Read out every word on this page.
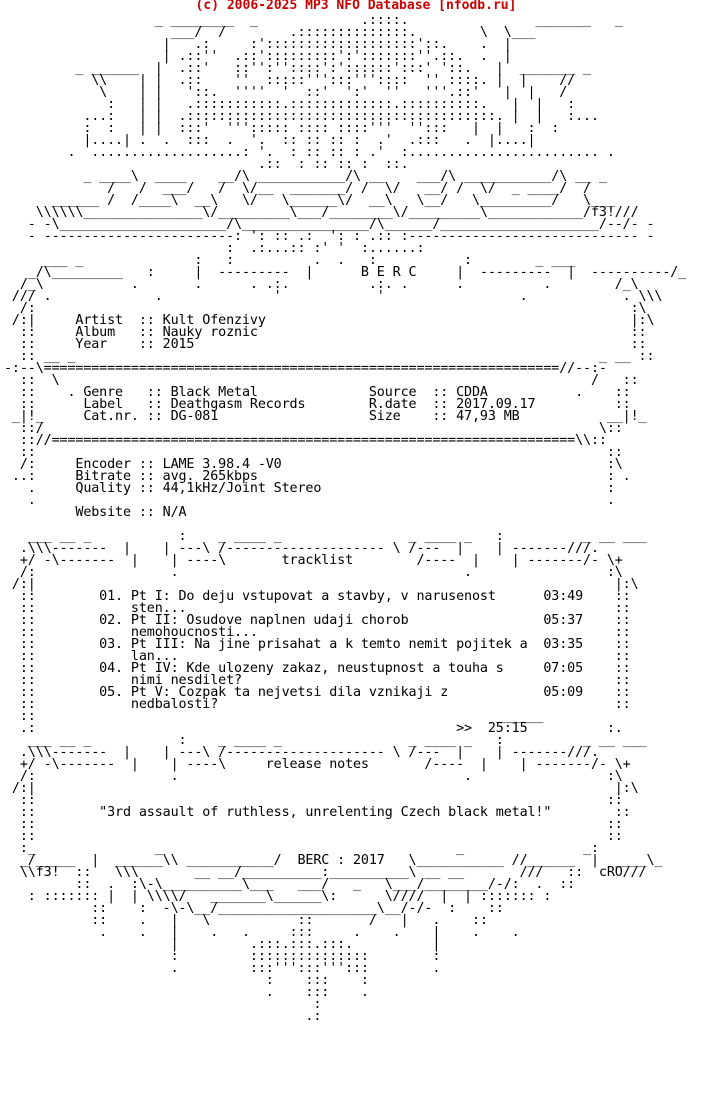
(c) 2006-2025 MP3 NFO Database [nfodb.ru]
_ ________  _             .::::.                _______   _
___/  /        .::::::::::::::.        \  \___
|   .:     :':::::::::::::::::::'::.    .  |
| .::''  .::':::::::::':':::::::''.::.  .  |
_ ______  |  .::'   ::'':''::::':'::::::':::' '::.   |  _______ _
\\    | |  .::    ''  :::::''':::'''::::  '' ::::. |  |    //
\    | |   '::.  ''''  '  ::'  ':'  ''   '''.::'   |  |   /
:   | |   .:::::::::::.:::::::::::::.::::::::::.   |  |   :
...:   | |  .:::::::::::::::::::::::::::::::::::::::. |  |   :...
:  :   | |  :::'  '''::::: :::: ::::'''  '':::   |  |   :  :
|....| .  .  :::  .  '.  :: :: :: :  .'  .:::   .  |....|
.  ...................: '.  : :: :: : .'  :........................ .
.::  : :: :: :  ::.
_ ____\  ____    __/\ ___________/\ __    ___/\ ___________/\ __ _
/   /  ___/   /  \/__  _______/ /  \/   __/ /  \/  _ ____/  /
______ /  /____\  __\   \/   \______\/  __\   \__/   \_________/   \___
\\\\\\_______________\/_________\___/________\/_________\____________/f3!///
- -\_____________________/\________________/\______/____________________/--/- -
- ------------------------: ': :: .:  ': : .:: :----------------------------- -
:  .:...:: :' '  :......:
___ _              :   :          .  .   :           :        _ ___
_/\_________   :     |  ---------  |      B E R C     |  ---------  |  ----------/_
/_\           .       .      . .:.          .:. .      .          .        /_\
/// .             .              '            '                 .            . \\\
/:                                                                           :\
/:|     Artist  :: Kult Ofenzivy                                              |:\
::     Album   :: Nauky roznic                                               ::
::     Year    :: 2015                                                       ::
:: __ _                                                                  _ __ ::
-:--\=================================================================//--:-
::  \                                                                   /   ::
::    . Genre   :: Black Metal              Source  :: CDDA           .    ::
::      Label   :: Deathgasm Records        R.date  :: 2017.09.17          ::
_|!_     Cat.nr. :: DG-081                   Size    :: 47,93 MB           __|!_
::/                                                                      \::
:://==================================================================\\::
::                                                                        ::
/:     Encoder :: LAME 3.98.4 -V0                                         :\
..:     Bitrate :: avg. 265kbps                                            : .
.     Quality :: 44,1kHz/Joint Stereo                                    :
.                                                                        .
Website :: N/A

___ __ _           :    _ ____ _                _ ____ _   :          _ __ ___
.\\\-------  |    | ---\ /-------------------- \ /---  |    | -------///.
+/ -\-------  |    | ----\       tracklist        /----  |    | -------/- \+
/:                 .                                    .                 :\
/:|                                                                         |:\
::        01. Pt I: Do deju vstupovat a stavby, v narusenost      03:49    ::
::            sten...                                                      ::
::        02. Pt II: Osudove naplnen udaji chorob                 05:37    ::
::            nemohoucnosti...                                             ::
::        03. Pt III: Na jine prisahat a k temto nemit pojitek a  03:35    ::
::            lan...                                                       ::
::        04. Pt IV: Kde ulozeny zakaz, neustupnost a touha s     07:05    ::
::            nimi nesdilet?                                               ::
::        05. Pt V: Cozpak ta nejvetsi dila vznikaji z            05:09    ::
::            nedbalosti?                                                  ::
::                                                          ______
.:                                                     >>  25:15          :.
___ __ _           :    _ ____ _                _ ____ _   :          _ __ ___
.\\\-------  |    | ---\ /-------------------- \ /---  |    | -------///.
+/ -\-------  |    | ----\     release notes       /----  |    | -------/- \+
/:                 .                                    .                 :\
/:|                                                                         |:\
::                                                                        ::
::        "3rd assault of ruthless, unrelenting Czech black metal!"        ::
::                                                                        ::
::                                                                        ::
:_               _                                     _               _:
_/_____  |  ______\\ ___________/  BERC : 2017   \___________ //______  |  ____\_
\\f3!  ::   \\\       __ __/__________:__________\ __ __       ///   ::  cRO///
::  .  :\-\__________\___   ___/   _   \___/________/-/:  .  ::
: ::::::: |  | \\\\/   _______\______\:      \////  |  | ::::::: :
::    :  -\-\__/____________________\__/-/-  :    ::
::    .   |   \           ::       /   |   .    ::
.    .   |    .   .     :::     .    .    |    .    .
|         .:::.:::.:::.          |
:         :::::::::::::::        :
.         :::''':::''':::        .
:    :::    :
.    :::    .
:
.:
